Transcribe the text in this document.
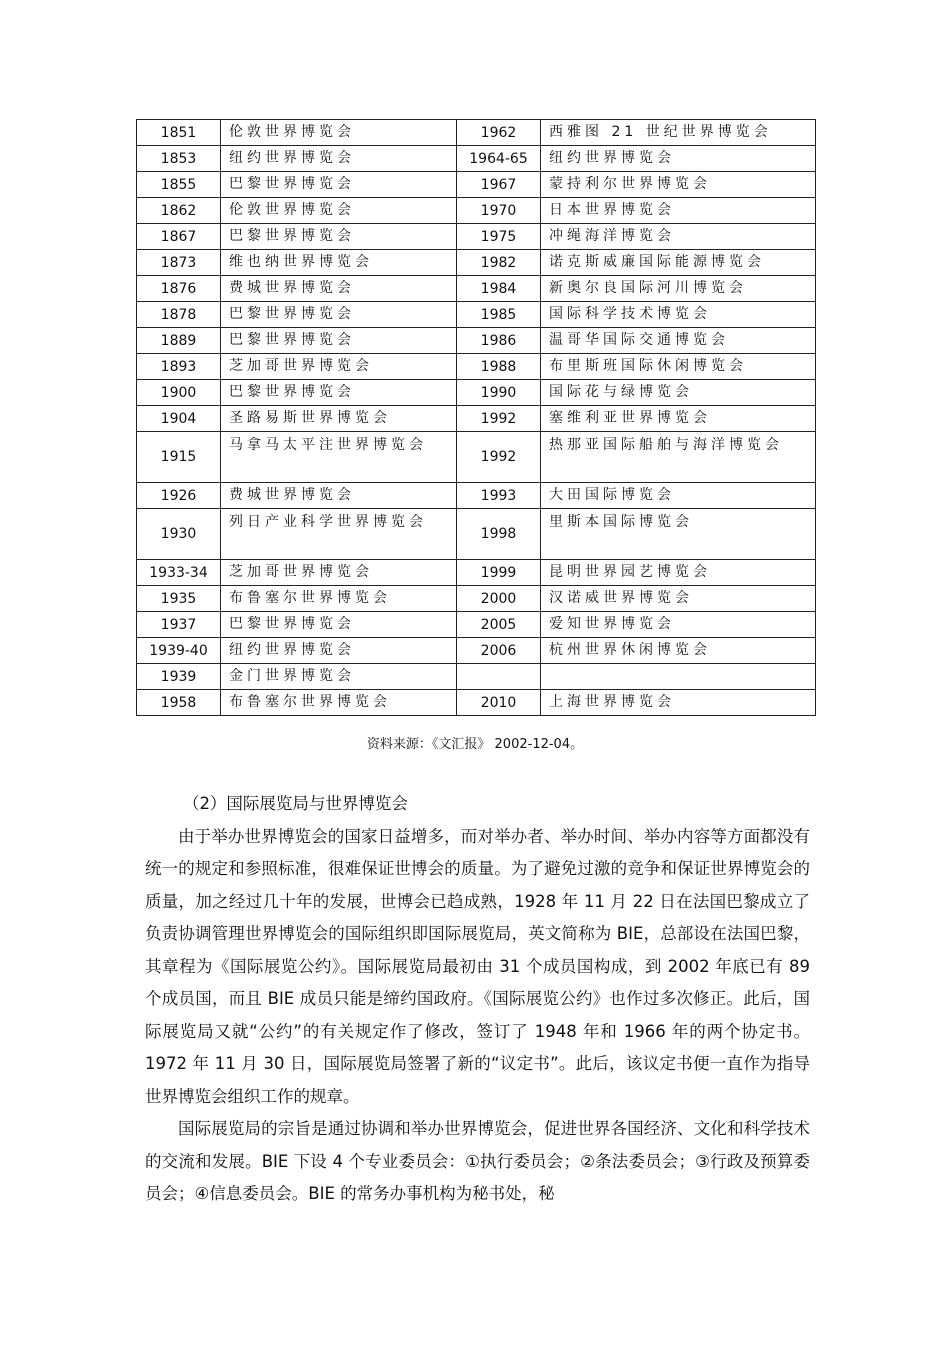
1851	伦敦世界博览会	1962	西雅图 21 世纪世界博览会
1853	纽约世界博览会	1964-65	纽约世界博览会
1855	巴黎世界博览会	1967	蒙持利尔世界博览会
1862	伦敦世界博览会	1970	日本世界博览会
1867	巴黎世界博览会	1975	冲绳海洋博览会
1873	维也纳世界博览会	1982	诺克斯威廉国际能源博览会
1876	费城世界博览会	1984	新奥尔良国际河川博览会
1878	巴黎世界博览会	1985	国际科学技术博览会
1889	巴黎世界博览会	1986	温哥华国际交通博览会
1893	芝加哥世界博览会	1988	布里斯班国际休闲博览会
1900	巴黎世界博览会	1990	国际花与绿博览会
1904	圣路易斯世界博览会	1992	塞维利亚世界博览会
1915	马拿马太平注世界博览会	1992	热那亚国际船舶与海洋博览会
1926	费城世界博览会	1993	大田国际博览会
1930	列日产业科学世界博览会	1998	里斯本国际博览会
1933-34	芝加哥世界博览会	1999	昆明世界园艺博览会
1935	布鲁塞尔世界博览会	2000	汉诺威世界博览会
1937	巴黎世界博览会	2005	爱知世界博览会
1939-40	纽约世界博览会	2006	杭州世界休闲博览会
1939	金门世界博览会		
1958	布鲁塞尔世界博览会	2010	上海世界博览会
资料来源：《文汇报》 2002-12-04。

（2）国际展览局与世界博览会

由于举办世界博览会的国家日益增多，而对举办者、举办时间、举办内容等方面都没有统一的规定和参照标准，很难保证世博会的质量。为了避免过激的竞争和保证世界博览会的质量，加之经过几十年的发展，世博会已趋成熟，1928 年 11 月 22 日在法国巴黎成立了负责协调管理世界博览会的国际组织即国际展览局，英文简称为 BIE，总部设在法国巴黎，其章程为《国际展览公约》。国际展览局最初由 31 个成员国构成，到 2002 年底已有 89 个成员国，而且 BIE 成员只能是缔约国政府。《国际展览公约》也作过多次修正。此后，国际展览局又就“公约”的有关规定作了修改，签订了 1948 年和 1966 年的两个协定书。1972 年 11 月 30 日，国际展览局签署了新的“议定书”。此后，该议定书便一直作为指导世界博览会组织工作的规章。

国际展览局的宗旨是通过协调和举办世界博览会，促进世界各国经济、文化和科学技术的交流和发展。BIE 下设 4 个专业委员会：①执行委员会；②条法委员会；③行政及预算委员会；④信息委员会。BIE 的常务办事机构为秘书处，秘
